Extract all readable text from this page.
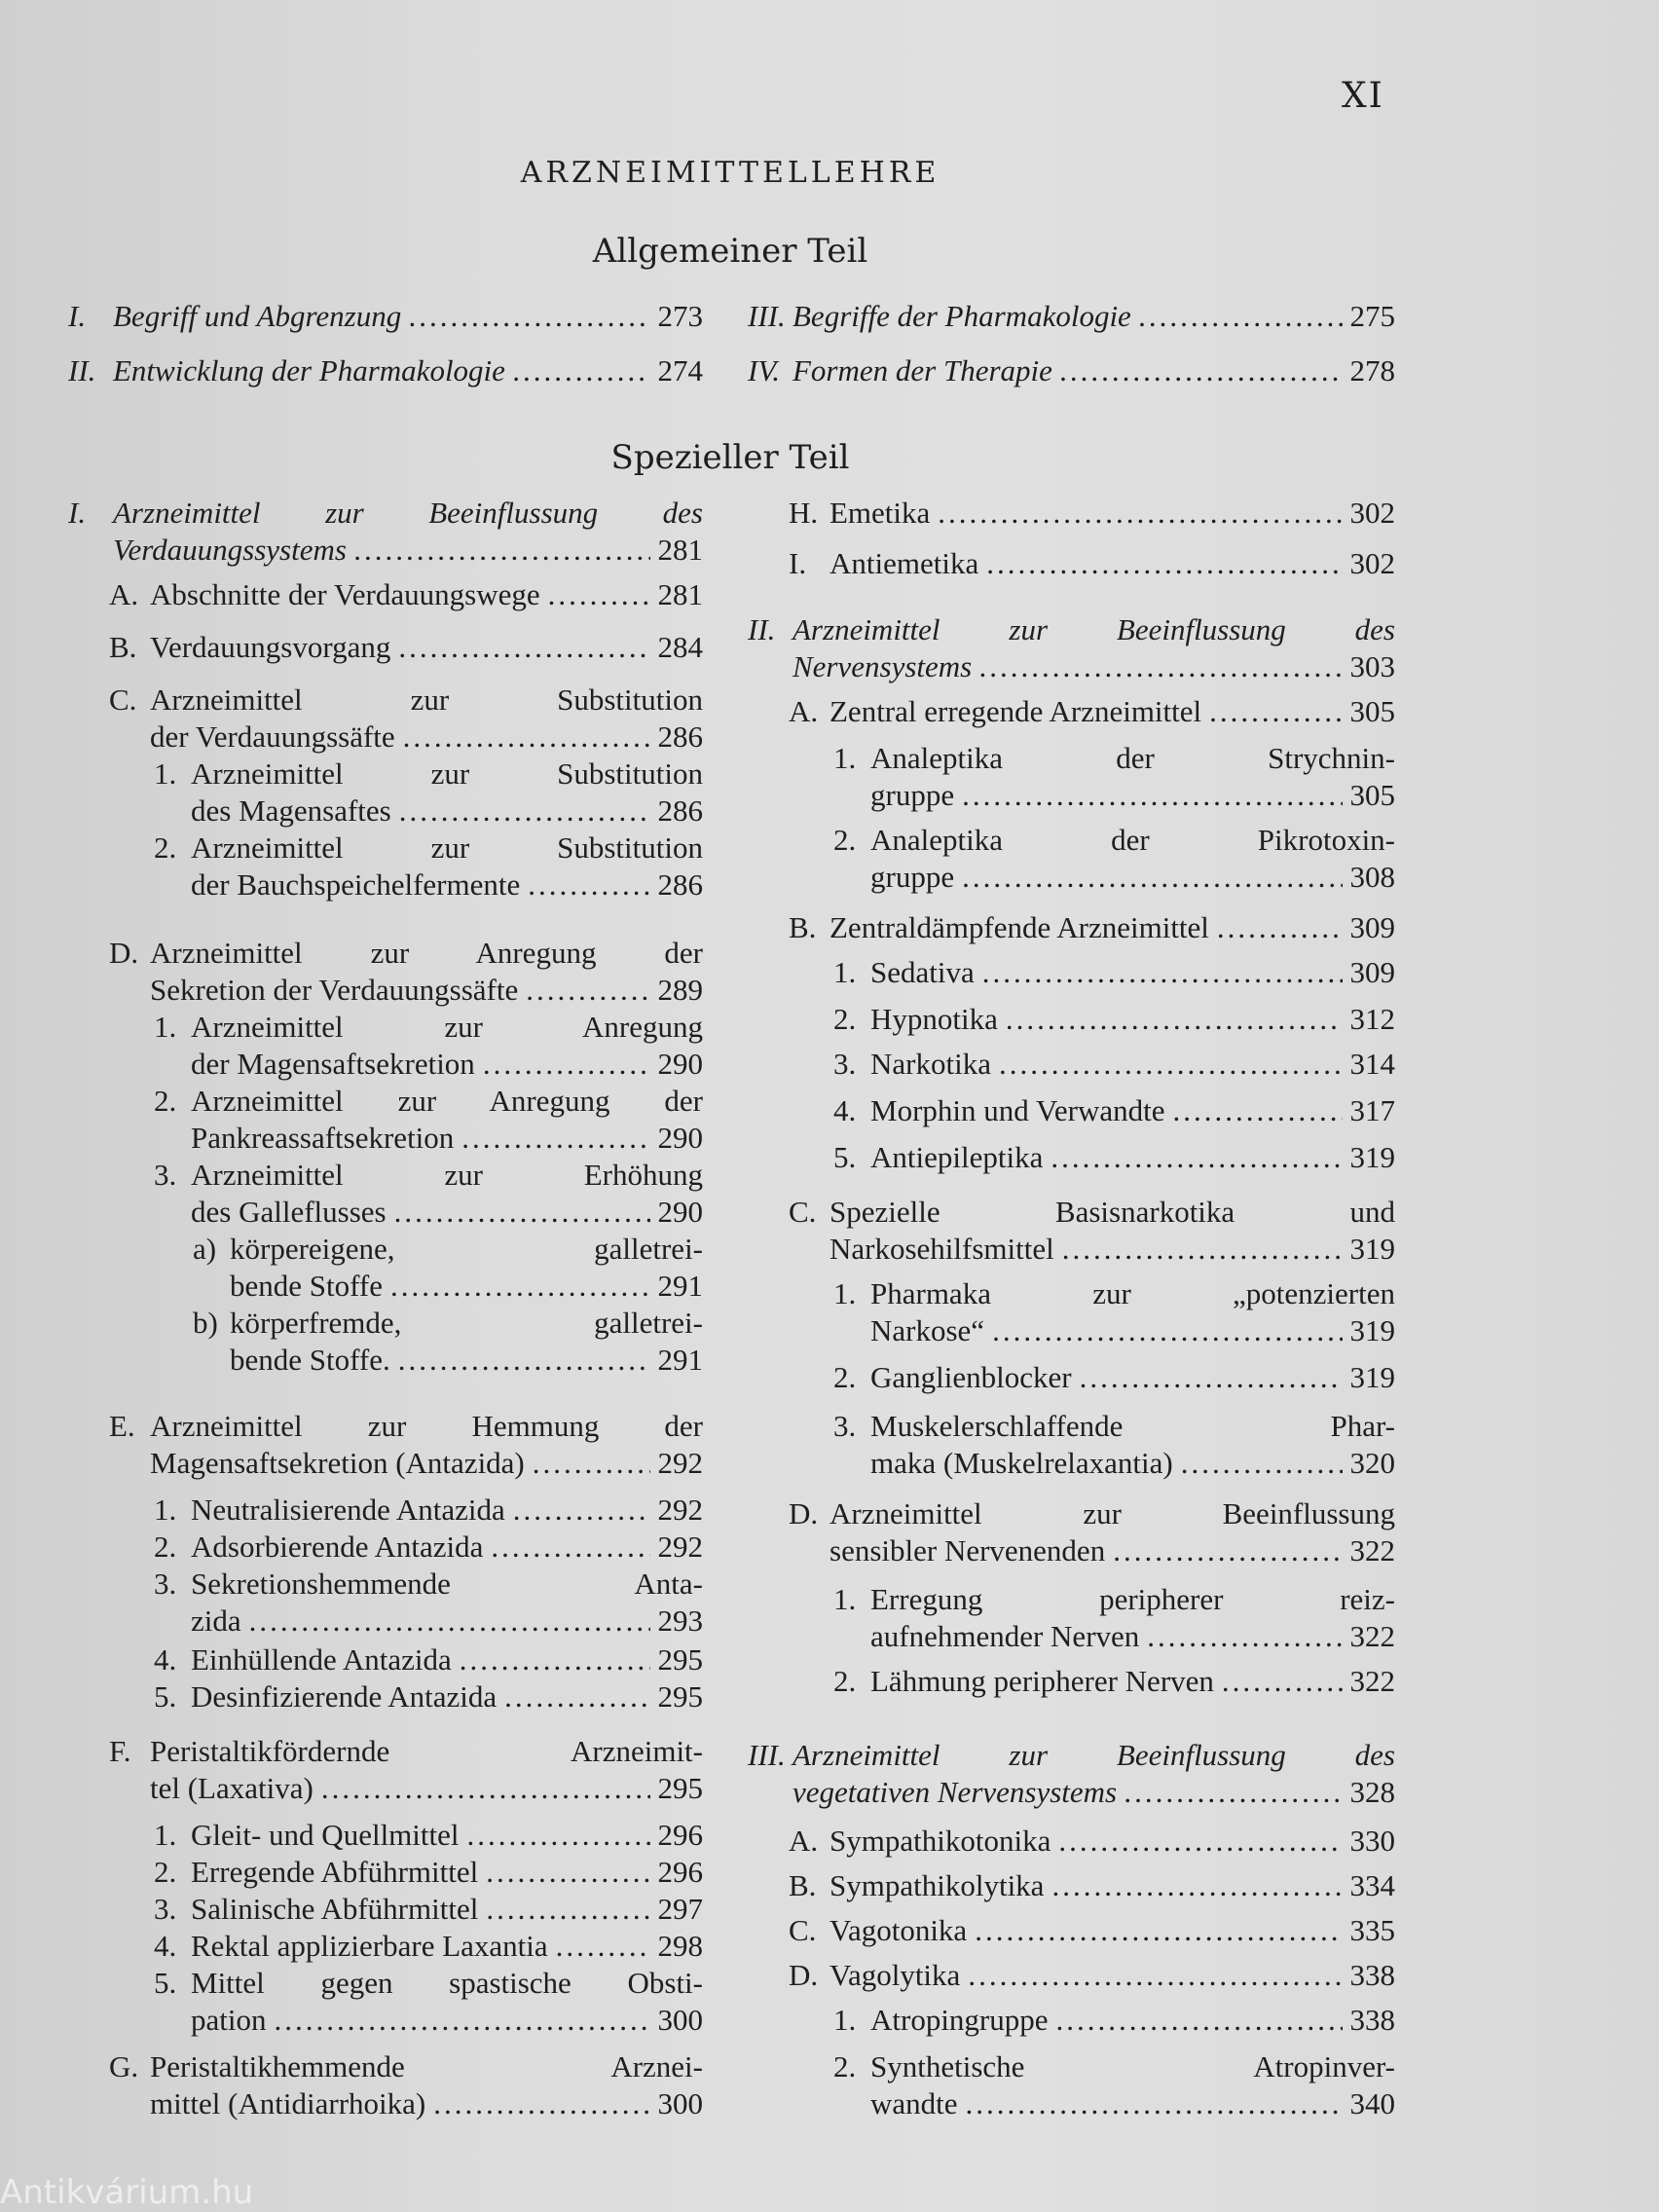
XI
ARZNEIMITTELLEHRE
Allgemeiner Teil
I. Begriff und Abgrenzung .....	273
II. Entwicklung der Pharmakologie .....	274
III. Begriffe der Pharmakologie .....	275
IV. Formen der Therapie .....	278
Spezieller Teil
I. Arzneimittel zur Beeinflussung des
Verdauungssystems .....	281
A. Abschnitte der Verdauungswege .....	281
B. Verdauungsvorgang .....	284
C. Arzneimittel zur Substitution
der Verdauungssäfte .....	286
1. Arzneimittel zur Substitution
des Magensaftes .....	286
2. Arzneimittel zur Substitution
der Bauchspeichelfermente .....	286
D. Arzneimittel zur Anregung der
Sekretion der Verdauungssäfte .....	289
1. Arzneimittel zur Anregung
der Magensaftsekretion .....	290
2. Arzneimittel zur Anregung der
Pankreassaftsekretion .....	290
3. Arzneimittel zur Erhöhung
des Galleflusses .....	290
a) körpereigene, galletrei-
bende Stoffe .....	291
b) körperfremde, galletrei-
bende Stoffe. .....	291
E. Arzneimittel zur Hemmung der
Magensaftsekretion (Antazida) .....	292
1. Neutralisierende Antazida .....	292
2. Adsorbierende Antazida .....	292
3. Sekretionshemmende Anta-
zida .....	293
4. Einhüllende Antazida .....	295
5. Desinfizierende Antazida .....	295
F. Peristaltikfördernde Arzneimit-
tel (Laxativa) .....	295
1. Gleit- und Quellmittel .....	296
2. Erregende Abführmittel .....	296
3. Salinische Abführmittel .....	297
4. Rektal applizierbare Laxantia .....	298
5. Mittel gegen spastische Obsti-
pation .....	300
G. Peristaltikhemmende Arznei-
mittel (Antidiarrhoika) .....	300
H. Emetika .....	302
I. Antiemetika .....	302
II. Arzneimittel zur Beeinflussung des
Nervensystems .....	303
A. Zentral erregende Arzneimittel .....	305
1. Analeptika der Strychnin-
gruppe .....	305
2. Analeptika der Pikrotoxin-
gruppe .....	308
B. Zentraldämpfende Arzneimittel .....	309
1. Sedativa .....	309
2. Hypnotika .....	312
3. Narkotika .....	314
4. Morphin und Verwandte .....	317
5. Antiepileptika .....	319
C. Spezielle Basisnarkotika und
Narkosehilfsmittel .....	319
1. Pharmaka zur „potenzierten
Narkose“ .....	319
2. Ganglienblocker .....	319
3. Muskelerschlaffende Phar-
maka (Muskelrelaxantia) .....	320
D. Arzneimittel zur Beeinflussung
sensibler Nervenenden .....	322
1. Erregung peripherer reiz-
aufnehmender Nerven .....	322
2. Lähmung peripherer Nerven .....	322
III. Arzneimittel zur Beeinflussung des
vegetativen Nervensystems .....	328
A. Sympathikotonika .....	330
B. Sympathikolytika .....	334
C. Vagotonika .....	335
D. Vagolytika .....	338
1. Atropingruppe .....	338
2. Synthetische Atropinver-
wandte .....	340
Antikvárium.hu
